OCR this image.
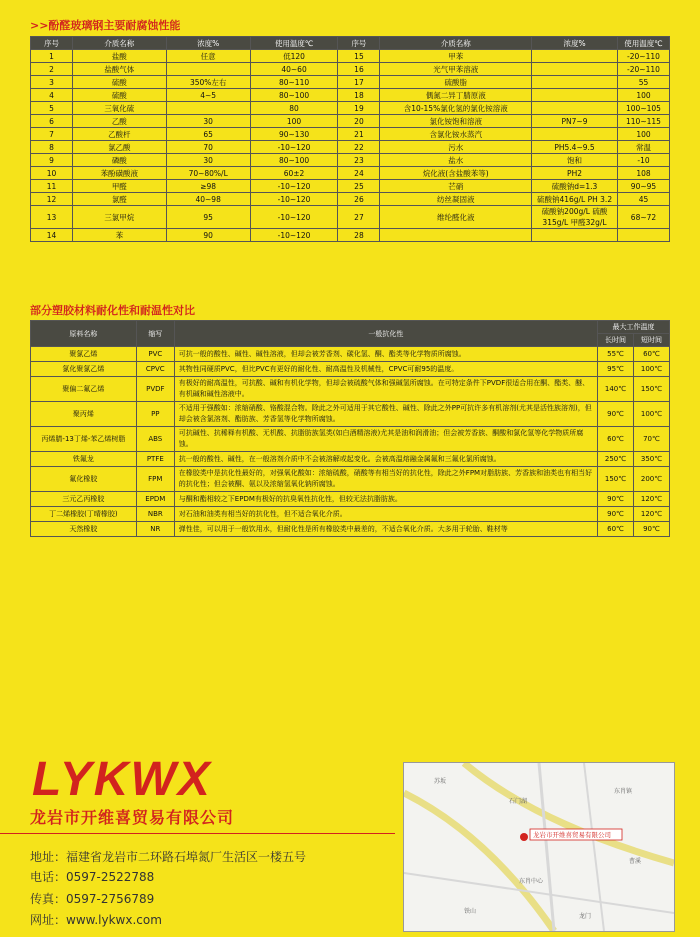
>>酚醛玻璃钢主要耐腐蚀性能
序号	介质名称	浓度%	使用温度℃	序号	介质名称	浓度%	使用温度℃
1	盐酸	任意	低120	15	甲苯		-20~110
2	盐酸气体		40~60	16	光气甲苯溶液		-20~110
3	硫酸	350%左右	80~110	17	硫酸脂		55
4	硫酸	4~5	80~100	18	偶氮二异丁腈原液		100
5	三氧化硫		80	19	含10-15%氯化氢的氯化铵溶液		100~105
6	乙酸	30	100	20	氯化铵饱和溶液	PN7~9	110~115
7	乙酸杆	65	90~130	21	含氯化铵水蒸汽		100
8	氯乙酸	70	-10~120	22	污水	PH5.4~9.5	常温
9	磷酸	30	80~100	23	盐水	饱和	-10
10	苯酚磺酸液	70~80%/L	60±2	24	烷化液(含盐酸苯等)	PH2	108
11	甲醛	≥98	-10~120	25	芒硝	硫酸钠d=1.3	90~95
12	氯醛	40~98	-10~120	26	纺丝凝固液	硫酸钠416g/L PH 3.2	45
13	三氯甲烷	95	-10~120	27	维纶醛化液	硫酸钠200g/L 硫酸315g/L 甲醛32g/L	68~72
14	苯	90	-10~120	28			
部分塑胶材料耐化性和耐温性对比
原料名称	缩写	一般抗化性	最大工作温度	
			长时间	短时间
聚氯乙烯	PVC	可抗一般的酸性、碱性、碱性溶液，但却会被芳香剂、碳化氢、酮、酯类等化学物质所腐蚀。	55℃	60℃
氯化聚氯乙烯	CPVC	其物性同硬质PVC，但比PVC有更好的耐化性、耐高温性及机械性，CPVC可耐95的温度。	95℃	100℃
聚偏二氟乙烯	PVDF	有极好的耐高温性，可抗酸、碱和有机化学物，但却会被硫酸气体和强碱氢所腐蚀。在可特定条件下PVDF很适合用在酮、酯类、醚、有机碱和碱性溶液中。	140℃	150℃
聚丙烯	PP	不适用于强酸如：浓缩硝酸、铬酸混合物。除此之外可适用于其它酸性、碱性、除此之外PP可抗许多有机溶剂(尤其是活性族溶剂)，但却会被含氯溶剂、酯肪族、芳香氢等化学物所腐蚀。	90℃	100℃
丙烯腈-13丁烯-苯乙烯树脂	ABS	可抗碱性、抗稀释有机酸、无机酸、抗脂肪族氢类(如白酒精溶液)尤其是油和润滑油；但会被芳香族、酮酸和氯化氢等化学物质所腐蚀。	60℃	70℃
铁氟龙	PTFE	抗一般的酸性、碱性，在一般溶剂介质中不会被溶解或起变化。会被高温熔融金属氟和三氟化氯所腐蚀。	250℃	350℃
氟化橡胶	FPM	在橡胶类中是抗化性最好的，对强氧化酸如：浓缩硫酸，硝酸等有相当好的抗化性，除此之外FPM对脂肪族、芳香族和油类也有相当好的抗化性；但会被酮、氨以及浓缩氢氧化钠所腐蚀。	150℃	200℃
三元乙丙橡胶	EPDM	与酮和酯相较之下EPDM有极好的抗臭氧性抗化性，但较无法抗脂肪族。	90℃	120℃
丁二烯橡胶(丁晴橡胶)	NBR	对石油和油类有相当好的抗化性，但不适合氧化介质。	90℃	120℃
天然橡胶	NR	弹性佳，可以用于一般饮用水，但耐化性是所有橡胶类中最差的，不适合氧化介质。大多用于轮胎、鞋材等	60℃	90℃
LYKWX
龙岩市开维喜贸易有限公司
地址：福建省龙岩市二环路石埠氮厂生活区一楼五号
电话：0597-2522788
传真：0597-2756789
网址：www.lykwx.com
龙岩市开维喜贸易有限公司
石门湖
东肖中心
东肖镇
曹溪
苏坂
铁山
龙门
